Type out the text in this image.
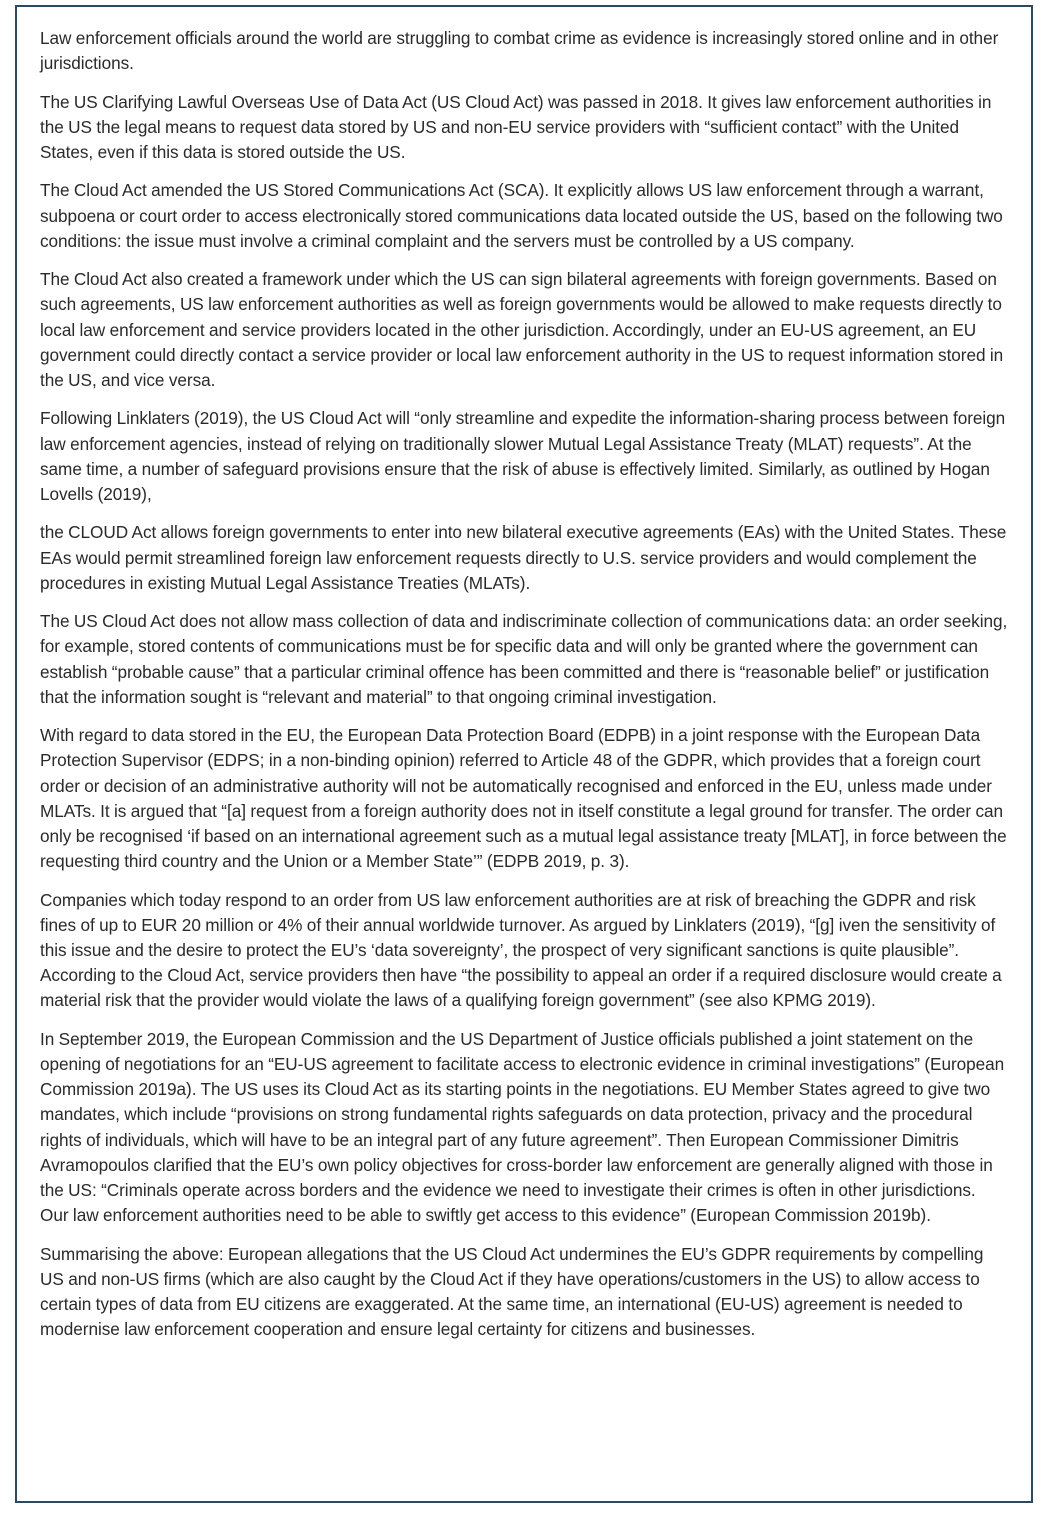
Law enforcement officials around the world are struggling to combat crime as evidence is increasingly stored online and in other jurisdictions.

The US Clarifying Lawful Overseas Use of Data Act (US Cloud Act) was passed in 2018. It gives law enforcement authorities in the US the legal means to request data stored by US and non-EU service providers with “sufficient contact” with the United States, even if this data is stored outside the US.

The Cloud Act amended the US Stored Communications Act (SCA). It explicitly allows US law enforcement through a warrant, subpoena or court order to access electronically stored communications data located outside the US, based on the following two conditions: the issue must involve a criminal complaint and the servers must be controlled by a US company.

The Cloud Act also created a framework under which the US can sign bilateral agreements with foreign governments. Based on such agreements, US law enforcement authorities as well as foreign governments would be allowed to make requests directly to local law enforcement and service providers located in the other jurisdiction. Accordingly, under an EU-US agreement, an EU government could directly contact a service provider or local law enforcement authority in the US to request information stored in the US, and vice versa.

Following Linklaters (2019), the US Cloud Act will “only streamline and expedite the information-sharing process between foreign law enforcement agencies, instead of relying on traditionally slower Mutual Legal Assistance Treaty (MLAT) requests”. At the same time, a number of safeguard provisions ensure that the risk of abuse is effectively limited. Similarly, as outlined by Hogan Lovells (2019),

the CLOUD Act allows foreign governments to enter into new bilateral executive agreements (EAs) with the United States. These EAs would permit streamlined foreign law enforcement requests directly to U.S. service providers and would complement the procedures in existing Mutual Legal Assistance Treaties (MLATs).

The US Cloud Act does not allow mass collection of data and indiscriminate collection of communications data: an order seeking, for example, stored contents of communications must be for specific data and will only be granted where the government can establish “probable cause” that a particular criminal offence has been committed and there is “reasonable belief” or justification that the information sought is “relevant and material” to that ongoing criminal investigation.

With regard to data stored in the EU, the European Data Protection Board (EDPB) in a joint response with the European Data Protection Supervisor (EDPS; in a non-binding opinion) referred to Article 48 of the GDPR, which provides that a foreign court order or decision of an administrative authority will not be automatically recognised and enforced in the EU, unless made under MLATs. It is argued that “[a] request from a foreign authority does not in itself constitute a legal ground for transfer. The order can only be recognised ‘if based on an international agreement such as a mutual legal assistance treaty [MLAT], in force between the requesting third country and the Union or a Member State’” (EDPB 2019, p. 3).

Companies which today respond to an order from US law enforcement authorities are at risk of breaching the GDPR and risk fines of up to EUR 20 million or 4% of their annual worldwide turnover. As argued by Linklaters (2019), “[g] iven the sensitivity of this issue and the desire to protect the EU’s ‘data sovereignty’, the prospect of very significant sanctions is quite plausible”. According to the Cloud Act, service providers then have “the possibility to appeal an order if a required disclosure would create a material risk that the provider would violate the laws of a qualifying foreign government” (see also KPMG 2019).

In September 2019, the European Commission and the US Department of Justice officials published a joint statement on the opening of negotiations for an “EU-US agreement to facilitate access to electronic evidence in criminal investigations” (European Commission 2019a). The US uses its Cloud Act as its starting points in the negotiations. EU Member States agreed to give two mandates, which include “provisions on strong fundamental rights safeguards on data protection, privacy and the procedural rights of individuals, which will have to be an integral part of any future agreement”. Then European Commissioner Dimitris Avramopoulos clarified that the EU’s own policy objectives for cross-border law enforcement are generally aligned with those in the US: “Criminals operate across borders and the evidence we need to investigate their crimes is often in other jurisdictions. Our law enforcement authorities need to be able to swiftly get access to this evidence” (European Commission 2019b).

Summarising the above: European allegations that the US Cloud Act undermines the EU’s GDPR requirements by compelling US and non-US firms (which are also caught by the Cloud Act if they have operations/customers in the US) to allow access to certain types of data from EU citizens are exaggerated. At the same time, an international (EU-US) agreement is needed to modernise law enforcement cooperation and ensure legal certainty for citizens and businesses.
